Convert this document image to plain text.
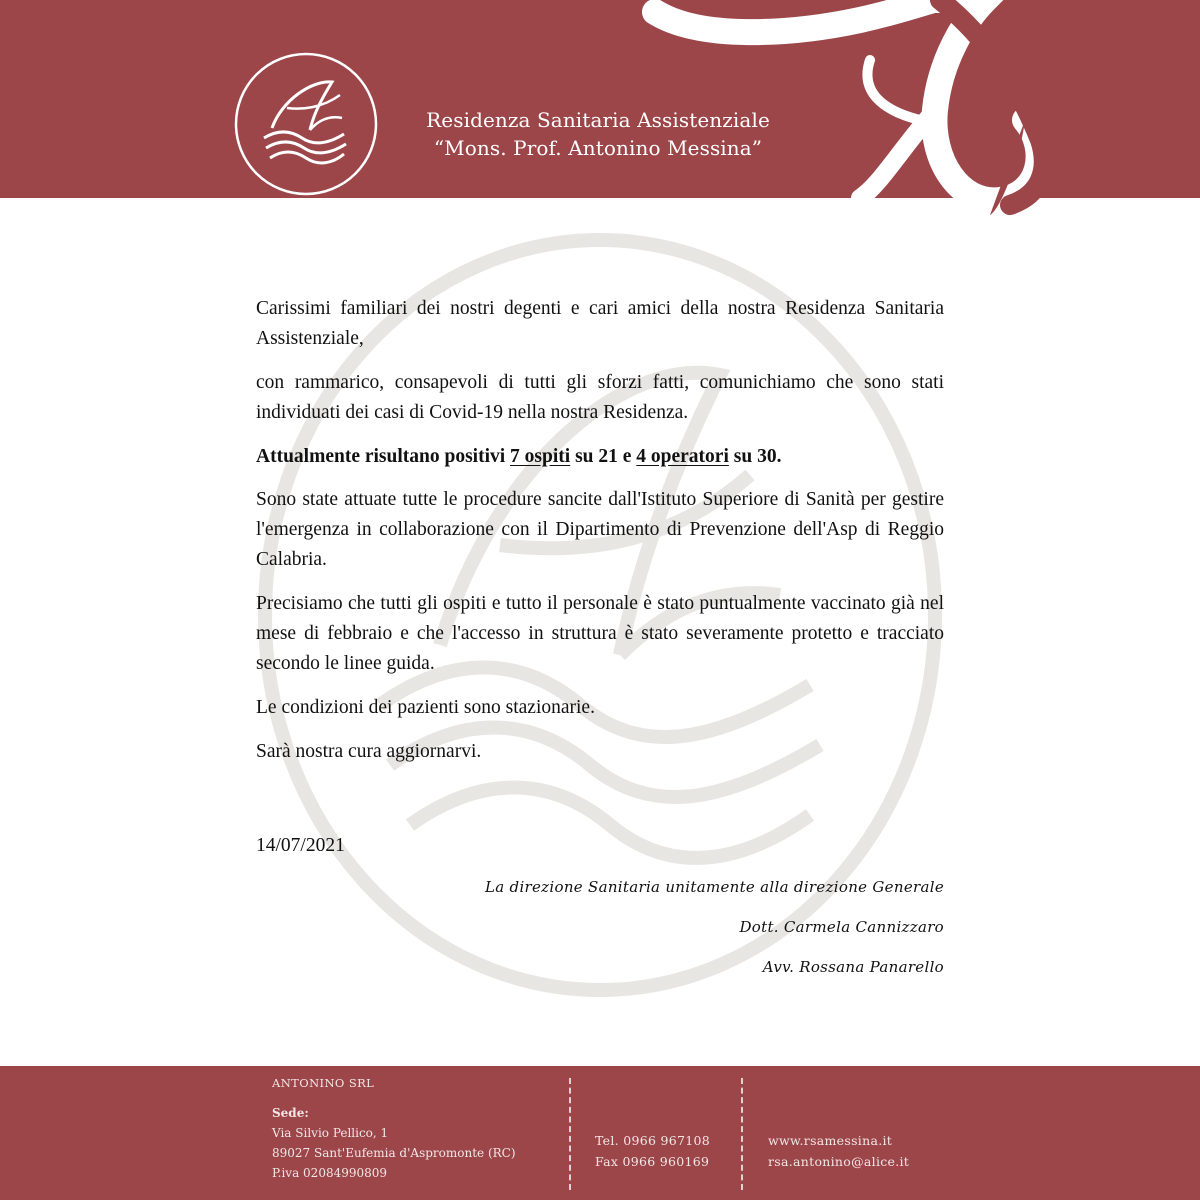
Residenza Sanitaria Assistenziale
“Mons. Prof. Antonino Messina”

Carissimi familiari dei nostri degenti e cari amici della nostra Residenza Sanitaria Assistenziale,

con rammarico, consapevoli di tutti gli sforzi fatti, comunichiamo che sono stati individuati dei casi di Covid-19 nella nostra Residenza.

Attualmente risultano positivi 7 ospiti su 21 e 4 operatori su 30.

Sono state attuate tutte le procedure sancite dall'Istituto Superiore di Sanità per gestire l'emergenza in collaborazione con il Dipartimento di Prevenzione dell'Asp di Reggio Calabria.

Precisiamo che tutti gli ospiti e tutto il personale è stato puntualmente vaccinato già nel mese di febbraio e che l'accesso in struttura è stato severamente protetto e tracciato secondo le linee guida.

Le condizioni dei pazienti sono stazionarie.

Sarà nostra cura aggiornarvi.

14/07/2021
La direzione Sanitaria unitamente alla direzione Generale
Dott. Carmela Cannizzaro
Avv. Rossana Panarello
ANTONINO SRL
Sede:
Via Silvio Pellico, 1
89027 Sant'Eufemia d'Aspromonte (RC)
P.iva 02084990809
Tel. 0966 967108
Fax 0966 960169
www.rsamessina.it
rsa.antonino@alice.it
